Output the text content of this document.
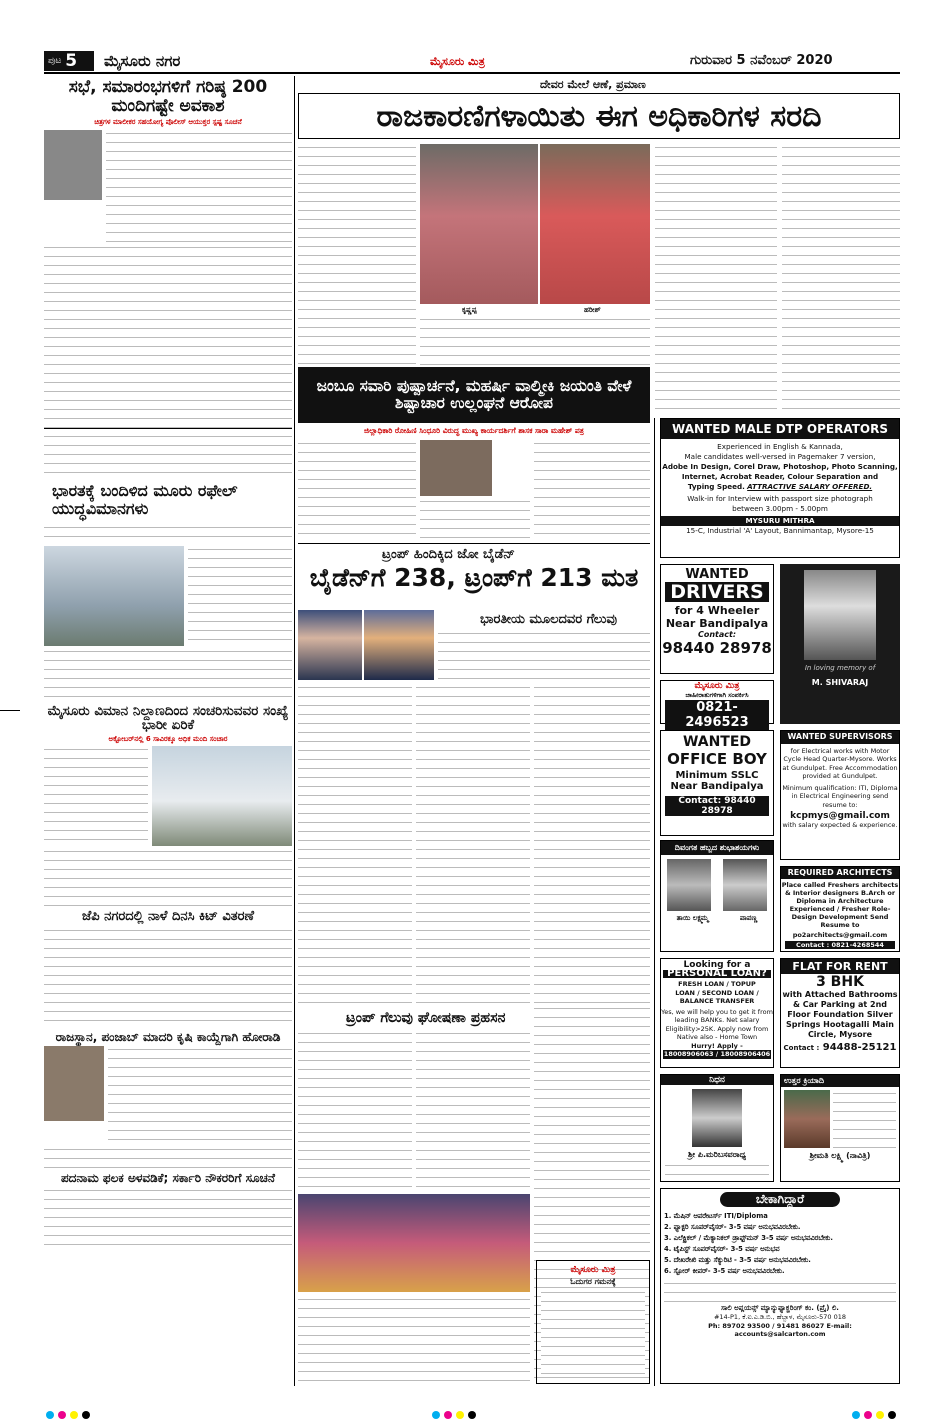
ಪುಟ 5 ಮೈಸೂರು ನಗರ	ಮೈಸೂರು ಮಿತ್ರ	ಗುರುವಾರ 5 ನವೆಂಬರ್ 2020
ಸಭೆ, ಸಮಾರಂಭಗಳಿಗೆ ಗರಿಷ್ಠ 200 ಮಂದಿಗಷ್ಟೇ ಅವಕಾಶ
ಚಿತ್ರಗಳ ಮಾಲೀಕರ ಸಹಯೋಗ್ಯ ಪೊಲೀಸ್ ಆಯುಕ್ತರ ಸ್ಪಷ್ಟ ಸೂಚನೆ
ಭಾರತಕ್ಕೆ ಬಂದಿಳಿದ ಮೂರು ರಫೇಲ್ ಯುದ್ಧವಿಮಾನಗಳು
ಮೈಸೂರು ವಿಮಾನ ನಿಲ್ದಾಣದಿಂದ ಸಂಚರಿಸುವವರ ಸಂಖ್ಯೆ ಭಾರೀ ಏರಿಕೆ
ಅಕ್ಟೋಬರ್‌ನಲ್ಲಿ 6 ಸಾವಿರಕ್ಕೂ ಅಧಿಕ ಮಂದಿ ಸಂಚಾರ
ಜೆಪಿ ನಗರದಲ್ಲಿ ನಾಳೆ ದಿನಸಿ ಕಿಟ್ ವಿತರಣೆ
ರಾಜಸ್ಥಾನ, ಪಂಜಾಬ್ ಮಾದರಿ ಕೃಷಿ ಕಾಯ್ದೆಗಾಗಿ ಹೋರಾಡಿ
ಪದನಾಮ ಫಲಕ ಅಳವಡಿಕೆ; ಸರ್ಕಾರಿ ನೌಕರರಿಗೆ ಸೂಚನೆ
ದೇವರ ಮೇಲೆ ಆಣೆ, ಪ್ರಮಾಣ
ರಾಜಕಾರಣಿಗಳಾಯಿತು ಈಗ ಅಧಿಕಾರಿಗಳ ಸರದಿ
ಕೃಷ್ಣಪ್ಪ	ಹರೀಶ್
ಜಂಬೂ ಸವಾರಿ ಪುಷ್ಪಾರ್ಚನೆ, ಮಹರ್ಷಿ ವಾಲ್ಮೀಕಿ ಜಯಂತಿ ವೇಳೆ ಶಿಷ್ಟಾಚಾರ ಉಲ್ಲಂಘನೆ ಆರೋಪ
ಜಿಲ್ಲಾಧಿಕಾರಿ ರೋಹಿಣಿ ಸಿಂಧೂರಿ ವಿರುದ್ಧ ಮುಖ್ಯ ಕಾರ್ಯದರ್ಶಿಗೆ ಶಾಸಕ ಸಾರಾ ಮಹೇಶ್ ಪತ್ರ
ಟ್ರಂಪ್ ಹಿಂದಿಕ್ಕಿದ ಜೋ ಬೈಡೆನ್
ಬೈಡೆನ್‌ಗೆ 238, ಟ್ರಂಪ್‌ಗೆ 213 ಮತ
ಭಾರತೀಯ ಮೂಲದವರ ಗೆಲುವು
ಟ್ರಂಪ್ ಗೆಲುವು ಘೋಷಣಾ ಪ್ರಹಸನ
ಮೈಸೂರು ಮಿತ್ರ
ಓದುಗರ ಗಮನಕ್ಕೆ
WANTED MALE DTP OPERATORS
Experienced in English & Kannada,
Male candidates well-versed in Pagemaker 7 version,
Adobe In Design, Corel Draw, Photoshop, Photo Scanning,
Internet, Acrobat Reader, Colour Separation and
Typing Speed. ATTRACTIVE SALARY OFFERED.
Walk-in for Interview with passport size photograph
between 3.00pm - 5.00pm
MYSURU MITHRA
15-C, Industrial 'A' Layout, Bannimantap, Mysore-15
WANTED
DRIVERS
for 4 Wheeler
Near Bandipalya
Contact:
98440 28978
In loving memory of
M. SHIVARAJ
ಮೈಸೂರು ಮಿತ್ರ
ಜಾಹೀರಾತುಗಳಿಗಾಗಿ ಸಂಪರ್ಕಿಸಿ
0821-2496523
WANTED
OFFICE BOY
Minimum SSLC
Near Bandipalya
Contact: 98440 28978
WANTED SUPERVISORS
for Electrical works with Motor Cycle Head Quarter-Mysore. Works at Gundulpet. Free Accommodation provided at Gundulpet.
Minimum qualification: ITI, Diploma in Electrical Engineering send resume to:
kcpmys@gmail.com
with salary expected & experience.
ದಿವಂಗತ ಹಬ್ಬದ ಶುಭಾಶಯಗಳು
ತಾಯಿ ಲಕ್ಷ್ಮಮ್ಮ	ಪಾಪಣ್ಣ
REQUIRED ARCHITECTS
Place called Freshers architects & Interior designers B.Arch or Diploma in Architecture Experienced / Fresher Role-Design Development Send Resume to
po2architects@gmail.com
Contact : 0821-4268544
Looking for a
PERSONAL LOAN?
FRESH LOAN / TOPUP
LOAN / SECOND LOAN /
BALANCE TRANSFER
Yes, we will help you to get it from leading BANKs. Net salary Eligibility>25K. Apply now from Native also - Home Town
Hurry! Apply -
18008906063 / 18008906406
FLAT FOR RENT
3 BHK
with Attached Bathrooms & Car Parking at 2nd Floor Foundation Silver Springs Hootagalli Main Circle, Mysore
Contact : 94488-25121
ನಿಧನ
ಶ್ರೀ ಪಿ.ಮರಿಬಸವರಾಧ್ಯ
ಉತ್ತರ ಕ್ರಿಯಾದಿ
ಶ್ರೀಮತಿ ಲಕ್ಷ್ಮಿ (ನಾವಿತ್ರಿ)
ಬೇಕಾಗಿದ್ದಾರೆ
1. ಮೆಷಿನ್ ಆಪರೇಟರ್ಸ್ ITI/Diploma
2. ಫ್ಯಾಕ್ಟರಿ ಸೂಪರ್‌ವೈಸರ್- 3-5 ವರ್ಷ ಅನುಭವವಿರಬೇಕು.
3. ಎಲೆಕ್ಟ್ರಿಕಲ್ / ಮೆಕ್ಯಾನಿಕಲ್ ಡ್ರಾಫ್ಟ್‌ಮನ್ 3-5 ವರ್ಷ ಅನುಭವವಿರಬೇಕು.
4. ಟೈಪಿಸ್ಟ್ ಸೂಪರ್‌ವೈಸರ್- 3-5 ವರ್ಷ ಅನುಭವ
5. ದೇಖರೇಖಿ ಮತ್ತು ಸೆಕ್ಯುರಿಟಿ - 3-5 ವರ್ಷ ಅನುಭವವಿರಬೇಕು.
6. ಸ್ಟೋರ್ ಕೀಪರ್- 3-5 ವರ್ಷ ಅನುಭವವಿರಬೇಕು.
ಸಾಲಿ ಅಪ್ಲಯನ್ಸ್ ಮ್ಯಾನ್ಯುಫ್ಯಾಕ್ಚರಿಂಗ್ ಕಂ. (ಪ್ರೈ) ಲಿ.
#14-P1, ಕೆ.ಐ.ಎ.ಡಿ.ಬಿ., ಹೆಬ್ಬಾಳ, ಮೈಸೂರು-570 018
Ph: 89702 93500 / 91481 86027 E-mail: accounts@salcarton.com
